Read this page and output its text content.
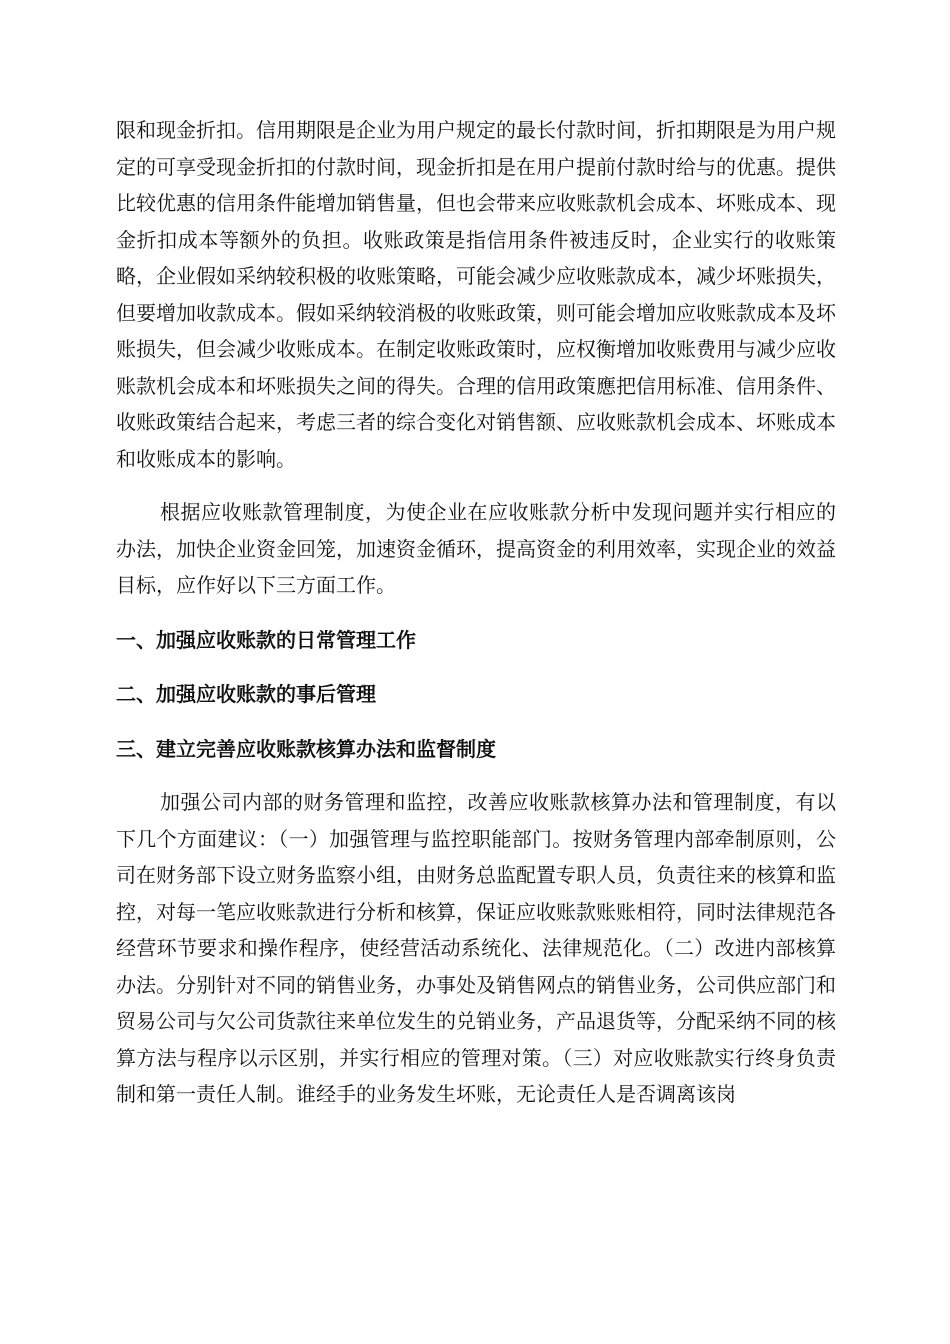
限和现金折扣。信用期限是企业为用户规定的最长付款时间，折扣期限是为用户规定的可享受现金折扣的付款时间，现金折扣是在用户提前付款时给与的优惠。提供比较优惠的信用条件能增加销售量，但也会带来应收账款机会成本、坏账成本、现金折扣成本等额外的负担。收账政策是指信用条件被违反时，企业实行的收账策略，企业假如采纳较积极的收账策略，可能会减少应收账款成本，减少坏账损失，但要增加收款成本。假如采纳较消极的收账政策，则可能会增加应收账款成本及坏账损失，但会减少收账成本。在制定收账政策时，应权衡增加收账费用与减少应收账款机会成本和坏账损失之间的得失。合理的信用政策應把信用标准、信用条件、收账政策结合起来，考虑三者的综合变化对销售额、应收账款机会成本、坏账成本和收账成本的影响。

根据应收账款管理制度，为使企业在应收账款分析中发现问题并实行相应的办法，加快企业资金回笼，加速资金循环，提高资金的利用效率，实现企业的效益目标，应作好以下三方面工作。

一、加强应收账款的日常管理工作

二、加强应收账款的事后管理

三、建立完善应收账款核算办法和监督制度

加强公司内部的财务管理和监控，改善应收账款核算办法和管理制度，有以下几个方面建议：（一）加强管理与监控职能部门。按财务管理内部牵制原则，公司在财务部下设立财务监察小组，由财务总监配置专职人员，负责往来的核算和监控，对每一笔应收账款进行分析和核算，保证应收账款账账相符，同时法律规范各经营环节要求和操作程序，使经营活动系统化、法律规范化。（二）改进内部核算办法。分别针对不同的销售业务，办事处及销售网点的销售业务，公司供应部门和贸易公司与欠公司货款往来单位发生的兑销业务，产品退货等，分配采纳不同的核算方法与程序以示区别，并实行相应的管理对策。（三）对应收账款实行终身负责制和第一责任人制。谁经手的业务发生坏账，无论责任人是否调离该岗
